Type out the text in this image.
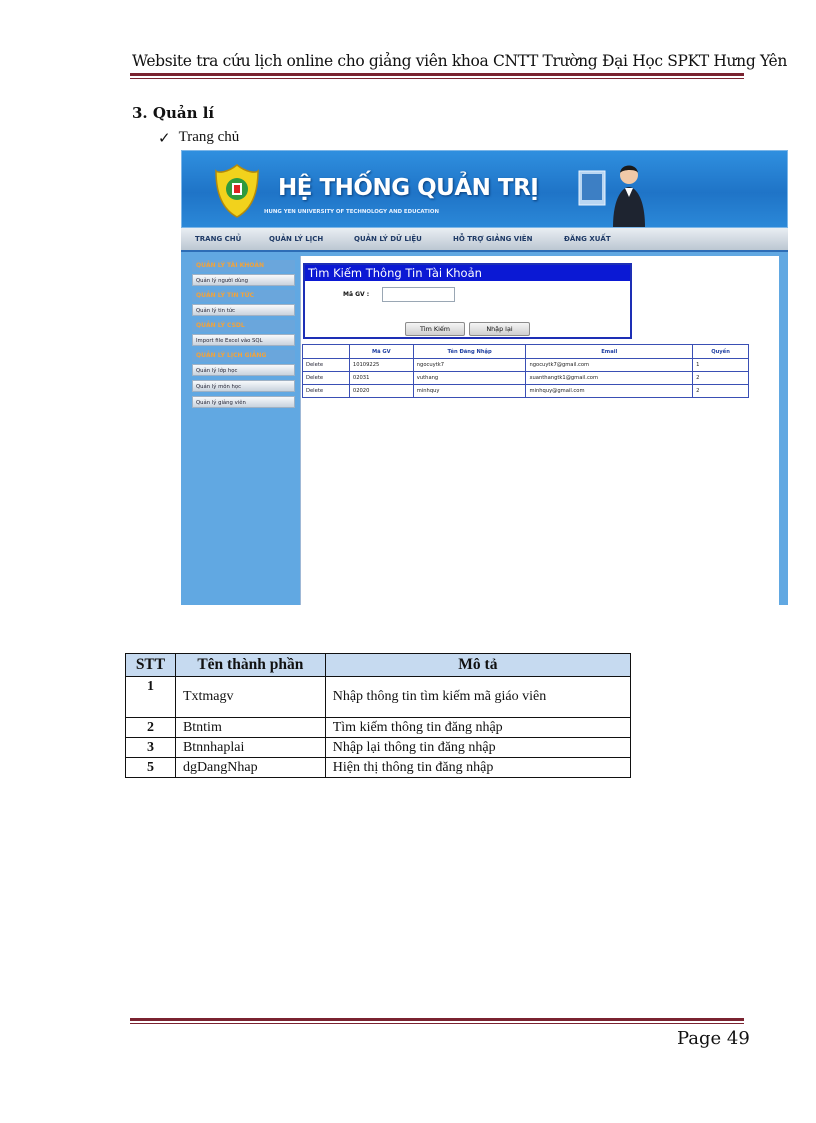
Website tra cứu lịch online cho giảng viên khoa CNTT Trường Đại Học SPKT Hưng Yên
3. Quản lí
✓ Trang chủ
HỆ THỐNG QUẢN TRỊ
HUNG YEN UNIVERSITY OF TECHNOLOGY AND EDUCATION
TRANG CHỦ	QUẢN LÝ LỊCH	QUẢN LÝ DỮ LIỆU	HỖ TRỢ GIẢNG VIÊN	ĐĂNG XUẤT
QUẢN LÝ TÀI KHOẢN
Quản lý người dùng
QUẢN LÝ TIN TỨC
Quản lý tin tức
QUẢN LÝ CSDL
Import file Excel vào SQL
QUẢN LÝ LỊCH GIẢNG
Quản lý lớp học
Quản lý môn học
Quản lý giảng viên
Tìm Kiếm Thông Tin Tài Khoản
Mã GV :
Tìm Kiếm	Nhập lại
	Mã GV	Tên Đăng Nhập	Email	Quyền
Delete	10109225	ngocuytk7	ngocuytk7@gmail.com	1
Delete	02031	vuthang	xuanthangtk1@gmail.com	2
Delete	02020	minhquy	minhquy@gmail.com	2
STT	Tên thành phần	Mô tả
1	Txtmagv	Nhập thông tin tìm kiếm mã giáo viên
2	Btntim	Tìm kiếm thông tin đăng nhập
3	Btnnhaplai	Nhập lại thông tin đăng nhập
5	dgDangNhap	Hiện thị thông tin đăng nhập
Page 49
